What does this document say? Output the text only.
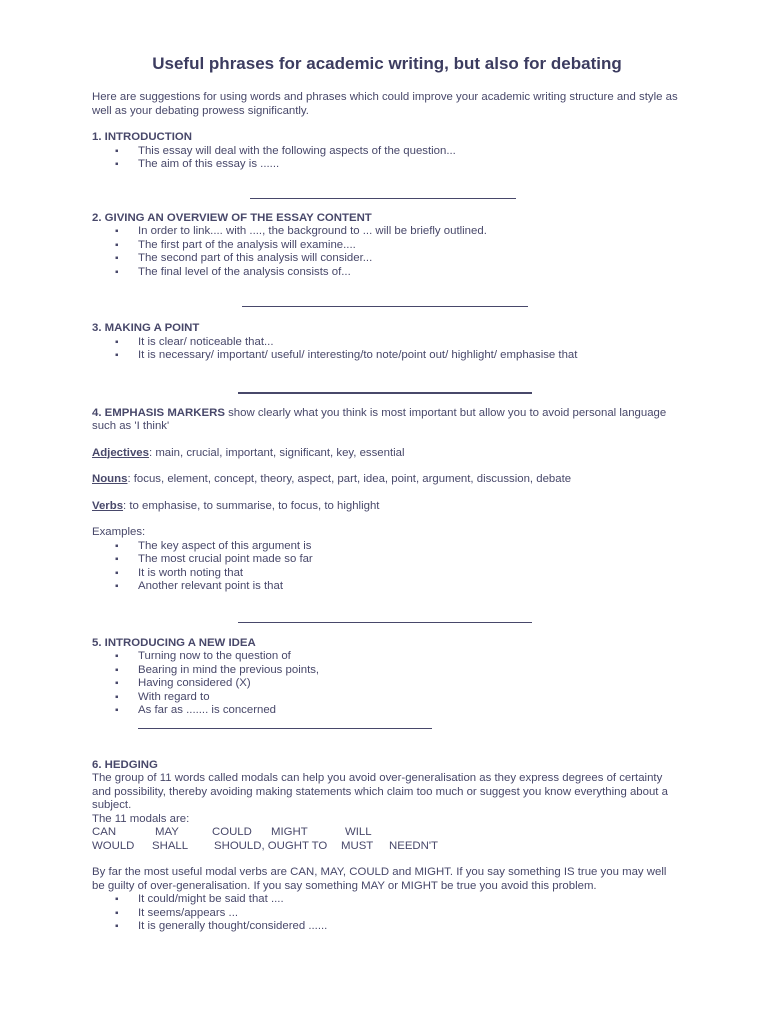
Useful phrases for academic writing, but also for debating

Here are suggestions for using words and phrases which could improve your academic writing structure and style as well as your debating prowess significantly.

1. INTRODUCTION

▪ This essay will deal with the following aspects of the question...
▪ The aim of this essay is ......

2. GIVING AN OVERVIEW OF THE ESSAY CONTENT

▪ In order to link.... with ...., the background to ... will be briefly outlined.
▪ The first part of the analysis will examine....
▪ The second part of this analysis will consider...
▪ The final level of the analysis consists of...

3. MAKING A POINT

▪ It is clear/ noticeable that...
▪ It is necessary/ important/ useful/ interesting/to note/point out/ highlight/ emphasise that

4. EMPHASIS MARKERS show clearly what you think is most important but allow you to avoid personal language such as 'I think'

Adjectives: main, crucial, important, significant, key, essential

Nouns: focus, element, concept, theory, aspect, part, idea, point, argument, discussion, debate

Verbs: to emphasise, to summarise, to focus, to highlight

Examples:

▪ The key aspect of this argument is
▪ The most crucial point made so far
▪ It is worth noting that
▪ Another relevant point is that

5. INTRODUCING A NEW IDEA

▪ Turning now to the question of
▪ Bearing in mind the previous points,
▪ Having considered (X)
▪ With regard to
▪ As far as ....... is concerned

6. HEDGING

The group of 11 words called modals can help you avoid over-generalisation as they express degrees of certainty and possibility, thereby avoiding making statements which claim too much or suggest you know everything about a subject.

The 11 modals are:

CAN	MAY	COULD	MIGHT	WILL
WOULD	SHALL	SHOULD, OUGHT TO	MUST	NEEDN'T

By far the most useful modal verbs are CAN, MAY, COULD and MIGHT. If you say something IS true you may well be guilty of over-generalisation. If you say something MAY or MIGHT be true you avoid this problem.

▪ It could/might be said that ....
▪ It seems/appears ...
▪ It is generally thought/considered ......
